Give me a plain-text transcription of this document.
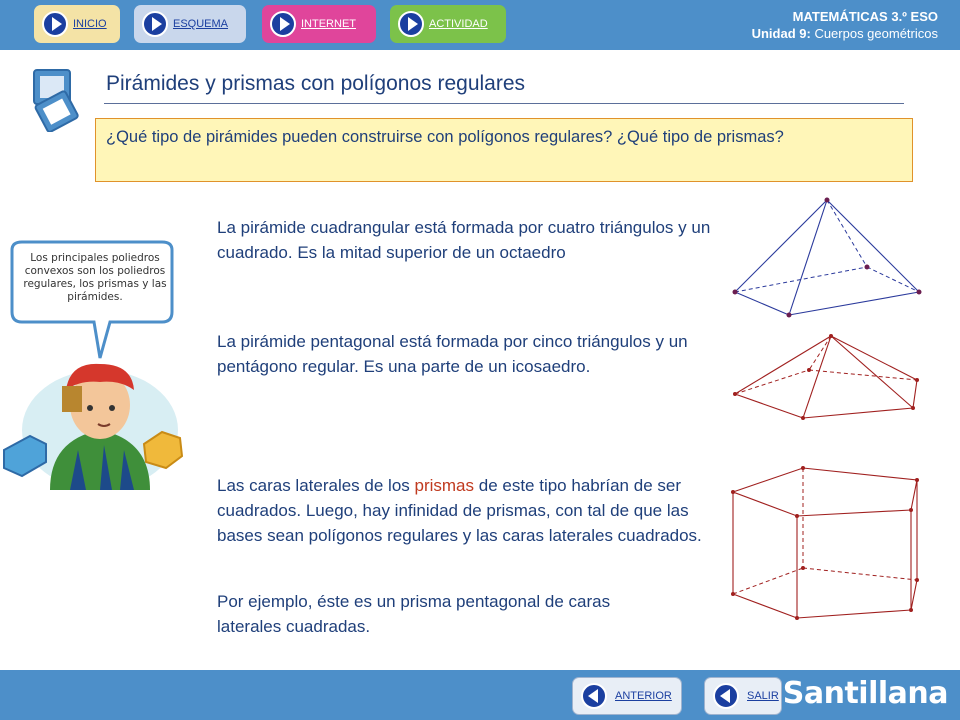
INICIO	ESQUEMA	INTERNET	ACTIVIDAD	MATEMÁTICAS 3.º ESO
Unidad 9: Cuerpos geométricos
Pirámides y prismas con polígonos regulares
¿Qué tipo de pirámides pueden construirse con polígonos regulares? ¿Qué tipo de prismas?
Los principales poliedros convexos son los poliedros regulares, los prismas y las pirámides.
La pirámide cuadrangular está formada por cuatro triángulos y un cuadrado. Es la mitad superior de un octaedro
La pirámide pentagonal está formada por cinco triángulos y un pentágono regular. Es una parte de un icosaedro.
Las caras laterales de los prismas de este tipo habrían de ser cuadrados. Luego, hay infinidad de prismas, con tal de que las bases sean polígonos regulares y las caras laterales cuadrados.
Por ejemplo, éste es un prisma pentagonal de caras laterales cuadradas.
ANTERIOR	SALIR Santillana
